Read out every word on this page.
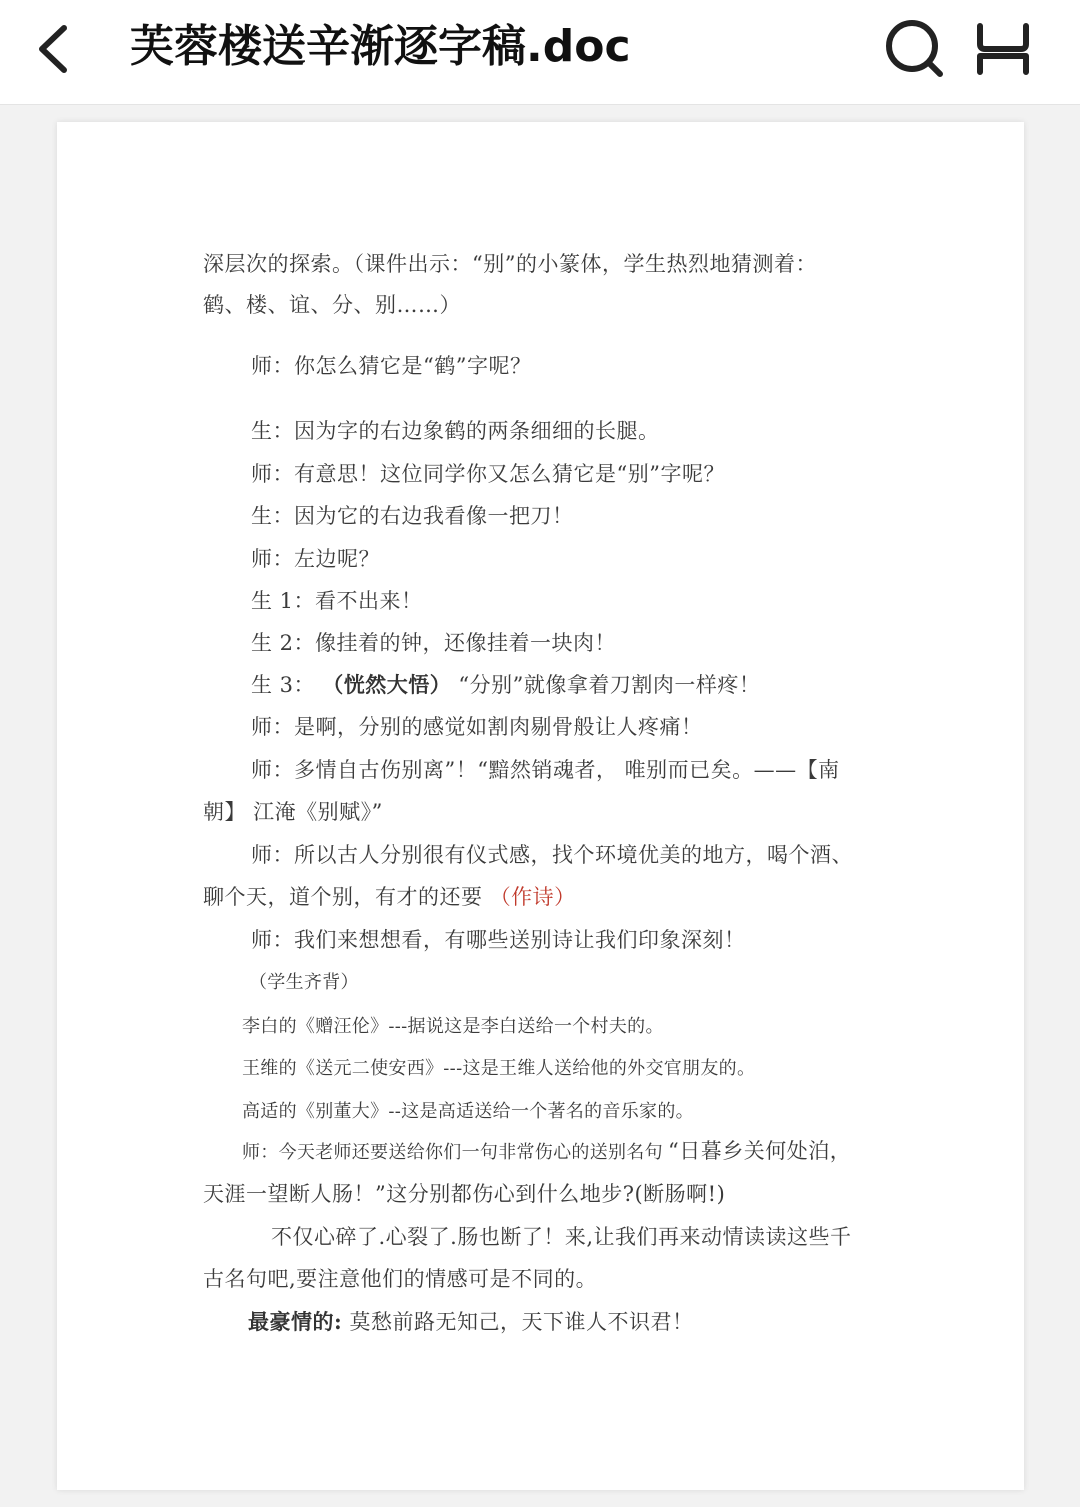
芙蓉楼送辛渐逐字稿.doc
深层次的探索。（课件出示：“别”的小篆体，学生热烈地猜测着：
鹤、楼、谊、分、别……）
师：你怎么猜它是“鹤”字呢？
生：因为字的右边象鹤的两条细细的长腿。
师：有意思！这位同学你又怎么猜它是“别”字呢？
生：因为它的右边我看像一把刀！
师：左边呢？
生 1：看不出来！
生 2：像挂着的钟，还像挂着一块肉！
生 3： （恍然大悟） “分别”就像拿着刀割肉一样疼！
师：是啊，分别的感觉如割肉剔骨般让人疼痛！
师：多情自古伤别离”！“黯然销魂者， 唯别而已矣。——【南
朝】 江淹《别赋》”
师：所以古人分别很有仪式感，找个环境优美的地方，喝个酒、
聊个天，道个别，有才的还要 （作诗）
师：我们来想想看，有哪些送别诗让我们印象深刻！
（学生齐背）
李白的《赠汪伦》---据说这是李白送给一个村夫的。
王维的《送元二使安西》---这是王维人送给他的外交官朋友的。
高适的《别董大》--这是高适送给一个著名的音乐家的。
师：今天老师还要送给你们一句非常伤心的送别名句 “日暮乡关何处泊，
天涯一望断人肠！”这分别都伤心到什么地步?(断肠啊!)
不仅心碎了.心裂了.肠也断了！来,让我们再来动情读读这些千
古名句吧,要注意他们的情感可是不同的。
最豪情的: 莫愁前路无知己，天下谁人不识君！
